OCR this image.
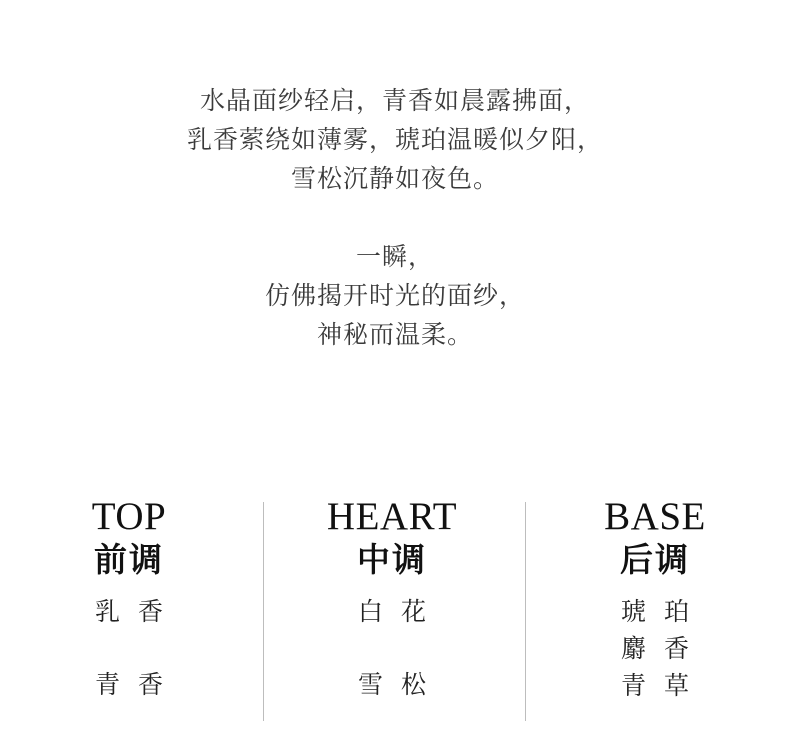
水晶面纱轻启，青香如晨露拂面，
乳香萦绕如薄雾，琥珀温暖似夕阳，
雪松沉静如夜色。
一瞬，
仿佛揭开时光的面纱，
神秘而温柔。
TOP
前调
乳香
青香
HEART
中调
白花
雪松
BASE
后调
琥珀
麝香
青草
